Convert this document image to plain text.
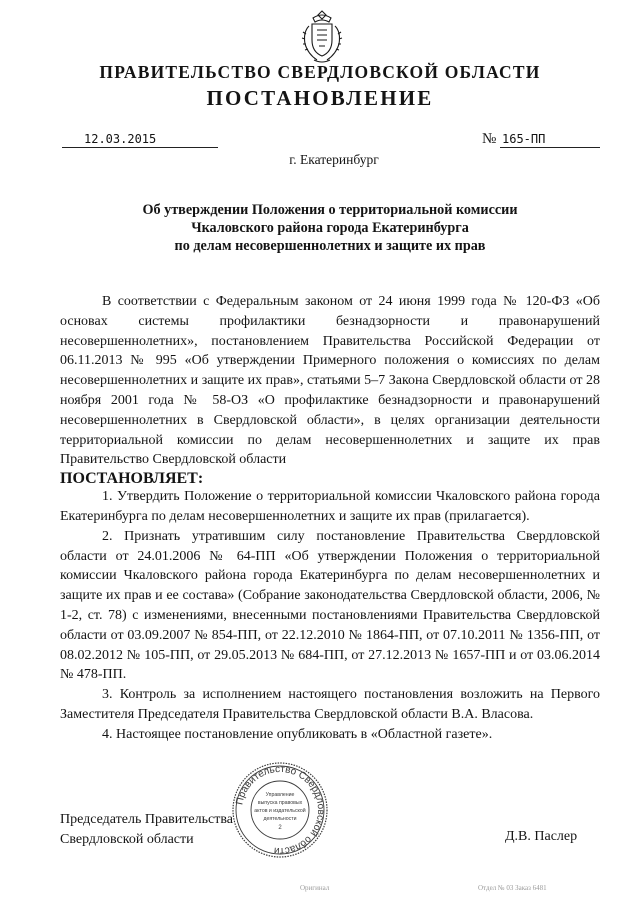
ПРАВИТЕЛЬСТВО СВЕРДЛОВСКОЙ ОБЛАСТИ
ПОСТАНОВЛЕНИЕ
12.03.2015	№ 165-ПП
г. Екатеринбург
Об утверждении Положения о территориальной комиссии
Чкаловского района города Екатеринбурга
по делам несовершеннолетних и защите их прав

В соответствии с Федеральным законом от 24 июня 1999 года № 120-ФЗ «Об основах системы профилактики безнадзорности и правонарушений несовершеннолетних», постановлением Правительства Российской Федерации от 06.11.2013 № 995 «Об утверждении Примерного положения о комиссиях по делам несовершеннолетних и защите их прав», статьями 5–7 Закона Свердловской области от 28 ноября 2001 года № 58-ОЗ «О профилактике безнадзорности и правонарушений несовершеннолетних в Свердловской области», в целях организации деятельности территориальной комиссии по делам несовершеннолетних и защите их прав Правительство Свердловской области

ПОСТАНОВЛЯЕТ:

1. Утвердить Положение о территориальной комиссии Чкаловского района города Екатеринбурга по делам несовершеннолетних и защите их прав (прилагается).

2. Признать утратившим силу постановление Правительства Свердловской области от 24.01.2006 № 64-ПП «Об утверждении Положения о территориальной комиссии Чкаловского района города Екатеринбурга по делам несовершеннолетних и защите их прав и ее состава» (Собрание законодательства Свердловской области, 2006, № 1-2, ст. 78) с изменениями, внесенными постановлениями Правительства Свердловской области от 03.09.2007 № 854-ПП, от 22.12.2010 № 1864-ПП, от 07.10.2011 № 1356-ПП, от 08.02.2012 № 105-ПП, от 29.05.2013 № 684-ПП, от 27.12.2013 № 1657-ПП и от 03.06.2014 № 478-ПП.

3. Контроль за исполнением настоящего постановления возложить на Первого Заместителя Председателя Правительства Свердловской области В.А. Власова.

4. Настоящее постановление опубликовать в «Областной газете».

Председатель Правительства
Свердловской области	Д.В. Паслер
Правительство Свердловской области
Управление
выпуска правовых
актов и издательской
деятельности
2
Оригинал	Отдел № 03 Заказ 6481
